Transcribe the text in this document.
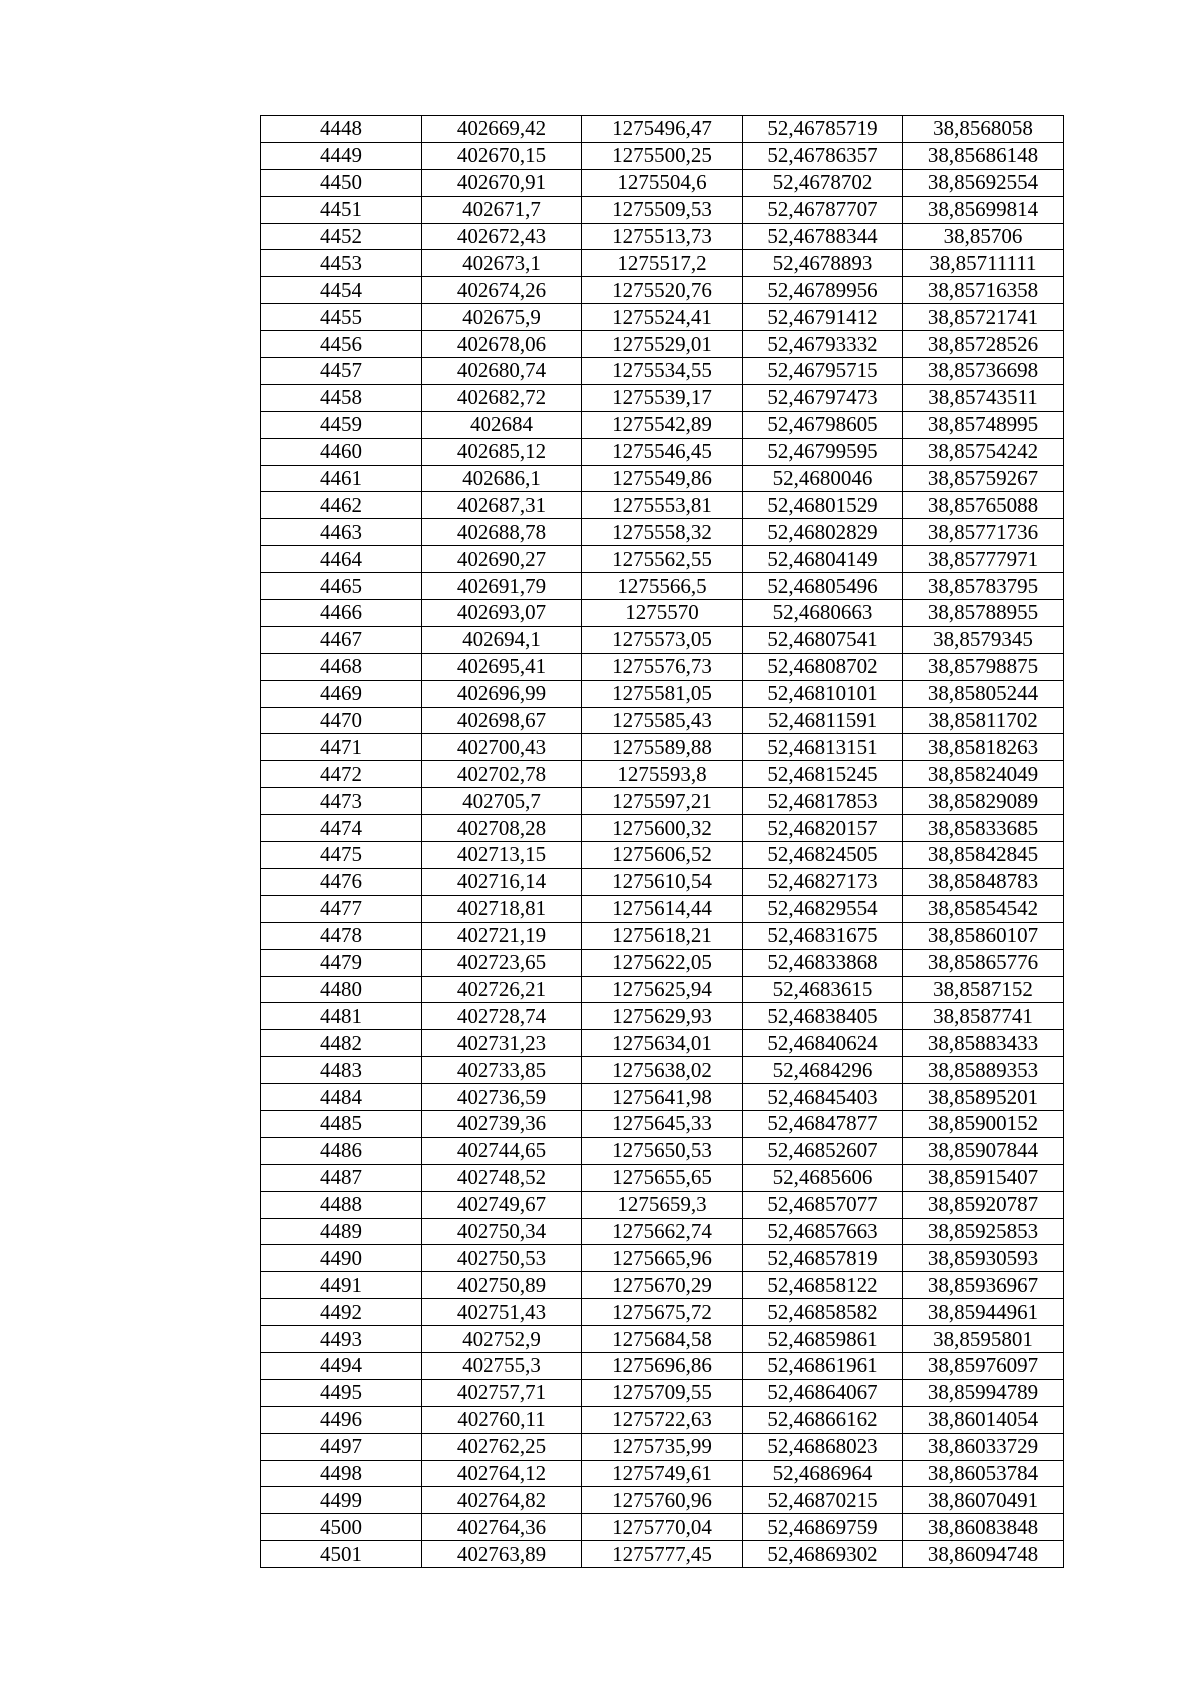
4448	402669,42	1275496,47	52,46785719	38,8568058
4449	402670,15	1275500,25	52,46786357	38,85686148
4450	402670,91	1275504,6	52,4678702	38,85692554
4451	402671,7	1275509,53	52,46787707	38,85699814
4452	402672,43	1275513,73	52,46788344	38,85706
4453	402673,1	1275517,2	52,4678893	38,85711111
4454	402674,26	1275520,76	52,46789956	38,85716358
4455	402675,9	1275524,41	52,46791412	38,85721741
4456	402678,06	1275529,01	52,46793332	38,85728526
4457	402680,74	1275534,55	52,46795715	38,85736698
4458	402682,72	1275539,17	52,46797473	38,85743511
4459	402684	1275542,89	52,46798605	38,85748995
4460	402685,12	1275546,45	52,46799595	38,85754242
4461	402686,1	1275549,86	52,4680046	38,85759267
4462	402687,31	1275553,81	52,46801529	38,85765088
4463	402688,78	1275558,32	52,46802829	38,85771736
4464	402690,27	1275562,55	52,46804149	38,85777971
4465	402691,79	1275566,5	52,46805496	38,85783795
4466	402693,07	1275570	52,4680663	38,85788955
4467	402694,1	1275573,05	52,46807541	38,8579345
4468	402695,41	1275576,73	52,46808702	38,85798875
4469	402696,99	1275581,05	52,46810101	38,85805244
4470	402698,67	1275585,43	52,46811591	38,85811702
4471	402700,43	1275589,88	52,46813151	38,85818263
4472	402702,78	1275593,8	52,46815245	38,85824049
4473	402705,7	1275597,21	52,46817853	38,85829089
4474	402708,28	1275600,32	52,46820157	38,85833685
4475	402713,15	1275606,52	52,46824505	38,85842845
4476	402716,14	1275610,54	52,46827173	38,85848783
4477	402718,81	1275614,44	52,46829554	38,85854542
4478	402721,19	1275618,21	52,46831675	38,85860107
4479	402723,65	1275622,05	52,46833868	38,85865776
4480	402726,21	1275625,94	52,4683615	38,8587152
4481	402728,74	1275629,93	52,46838405	38,8587741
4482	402731,23	1275634,01	52,46840624	38,85883433
4483	402733,85	1275638,02	52,4684296	38,85889353
4484	402736,59	1275641,98	52,46845403	38,85895201
4485	402739,36	1275645,33	52,46847877	38,85900152
4486	402744,65	1275650,53	52,46852607	38,85907844
4487	402748,52	1275655,65	52,4685606	38,85915407
4488	402749,67	1275659,3	52,46857077	38,85920787
4489	402750,34	1275662,74	52,46857663	38,85925853
4490	402750,53	1275665,96	52,46857819	38,85930593
4491	402750,89	1275670,29	52,46858122	38,85936967
4492	402751,43	1275675,72	52,46858582	38,85944961
4493	402752,9	1275684,58	52,46859861	38,8595801
4494	402755,3	1275696,86	52,46861961	38,85976097
4495	402757,71	1275709,55	52,46864067	38,85994789
4496	402760,11	1275722,63	52,46866162	38,86014054
4497	402762,25	1275735,99	52,46868023	38,86033729
4498	402764,12	1275749,61	52,4686964	38,86053784
4499	402764,82	1275760,96	52,46870215	38,86070491
4500	402764,36	1275770,04	52,46869759	38,86083848
4501	402763,89	1275777,45	52,46869302	38,86094748
